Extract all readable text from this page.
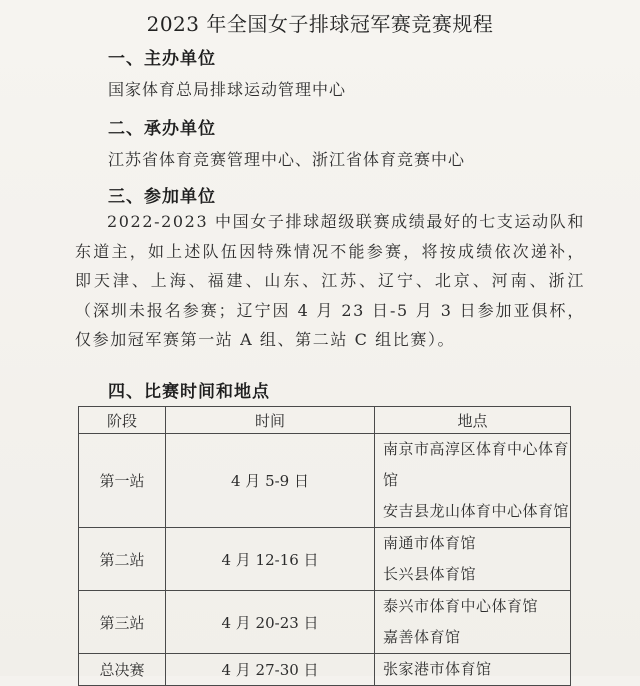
2023 年全国女子排球冠军赛竞赛规程
一、主办单位
国家体育总局排球运动管理中心
二、承办单位
江苏省体育竞赛管理中心、浙江省体育竞赛中心
三、参加单位
2022-2023 中国女子排球超级联赛成绩最好的七支运动队和东道主，如上述队伍因特殊情况不能参赛，将按成绩依次递补，即天津、上海、福建、山东、江苏、辽宁、北京、河南、浙江（深圳未报名参赛；辽宁因 4 月 23 日-5 月 3 日参加亚俱杯，仅参加冠军赛第一站 A 组、第二站 C 组比赛）。
四、比赛时间和地点
阶段	时间	地点
第一站	4 月 5-9 日	南京市高淳区体育中心体育馆
安吉县龙山体育中心体育馆

第二站	4 月 12-16 日	南通市体育馆
长兴县体育馆

第三站	4 月 20-23 日	泰兴市体育中心体育馆
嘉善体育馆

总决赛	4 月 27-30 日	张家港市体育馆
